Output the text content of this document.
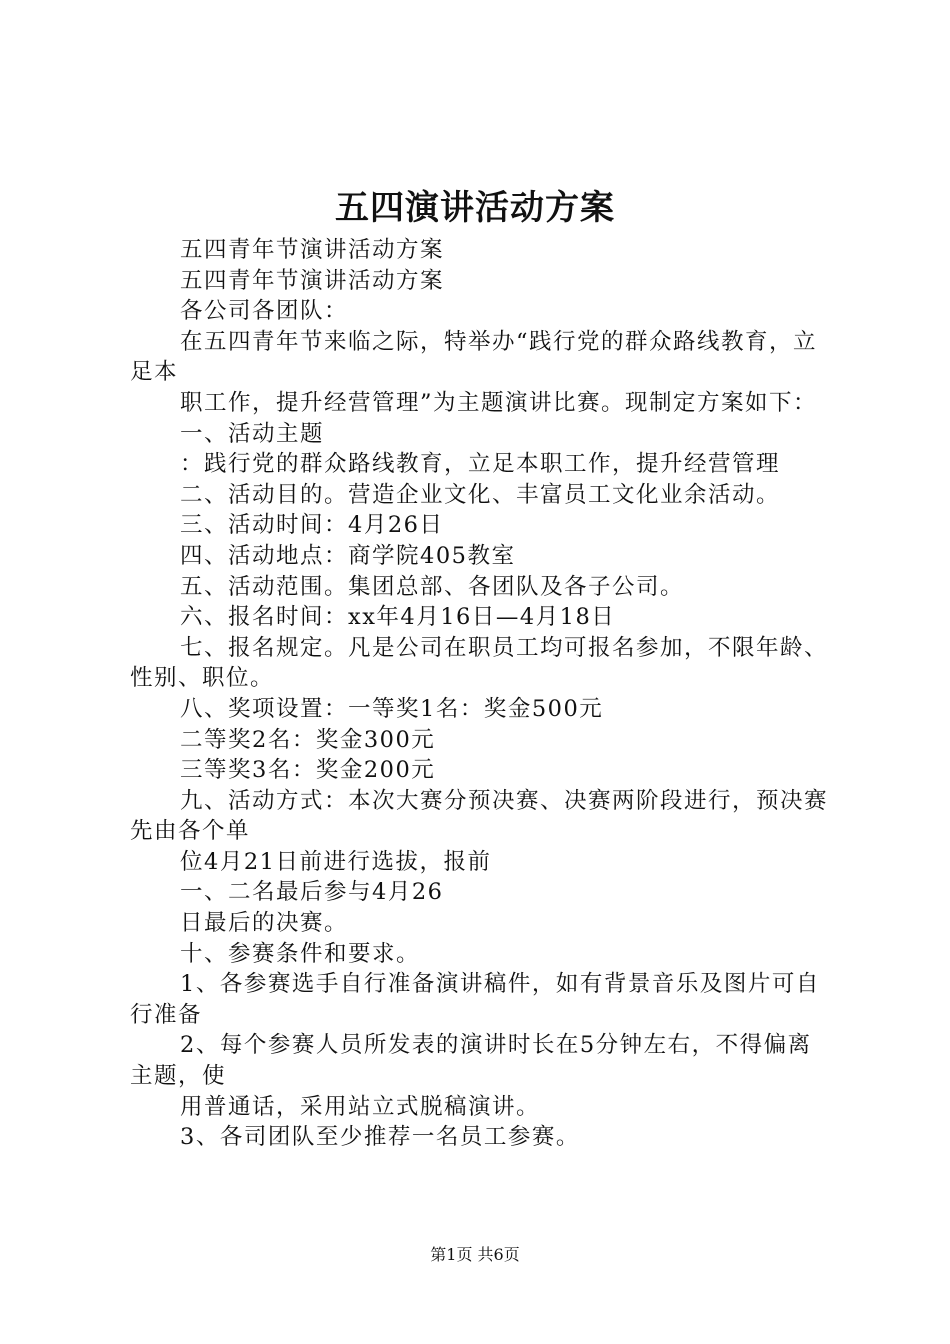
五四演讲活动方案

五四青年节演讲活动方案

五四青年节演讲活动方案

各公司各团队：

在五四青年节来临之际，特举办“践行党的群众路线教育，立足本

职工作，提升经营管理”为主题演讲比赛。现制定方案如下：

一、活动主题

：践行党的群众路线教育，立足本职工作，提升经营管理

二、活动目的。营造企业文化、丰富员工文化业余活动。

三、活动时间：4月26日

四、活动地点：商学院405教室

五、活动范围。集团总部、各团队及各子公司。

六、报名时间：xx年4月16日—4月18日

七、报名规定。凡是公司在职员工均可报名参加，不限年龄、性别、职位。

八、奖项设置：一等奖1名：奖金500元

二等奖2名：奖金300元

三等奖3名：奖金200元

九、活动方式：本次大赛分预决赛、决赛两阶段进行，预决赛先由各个单

位4月21日前进行选拔，报前

一、二名最后参与4月26

日最后的决赛。

十、参赛条件和要求。

1、各参赛选手自行准备演讲稿件，如有背景音乐及图片可自行准备

2、每个参赛人员所发表的演讲时长在5分钟左右，不得偏离主题，使

用普通话，采用站立式脱稿演讲。

3、各司团队至少推荐一名员工参赛。

第1页 共6页
